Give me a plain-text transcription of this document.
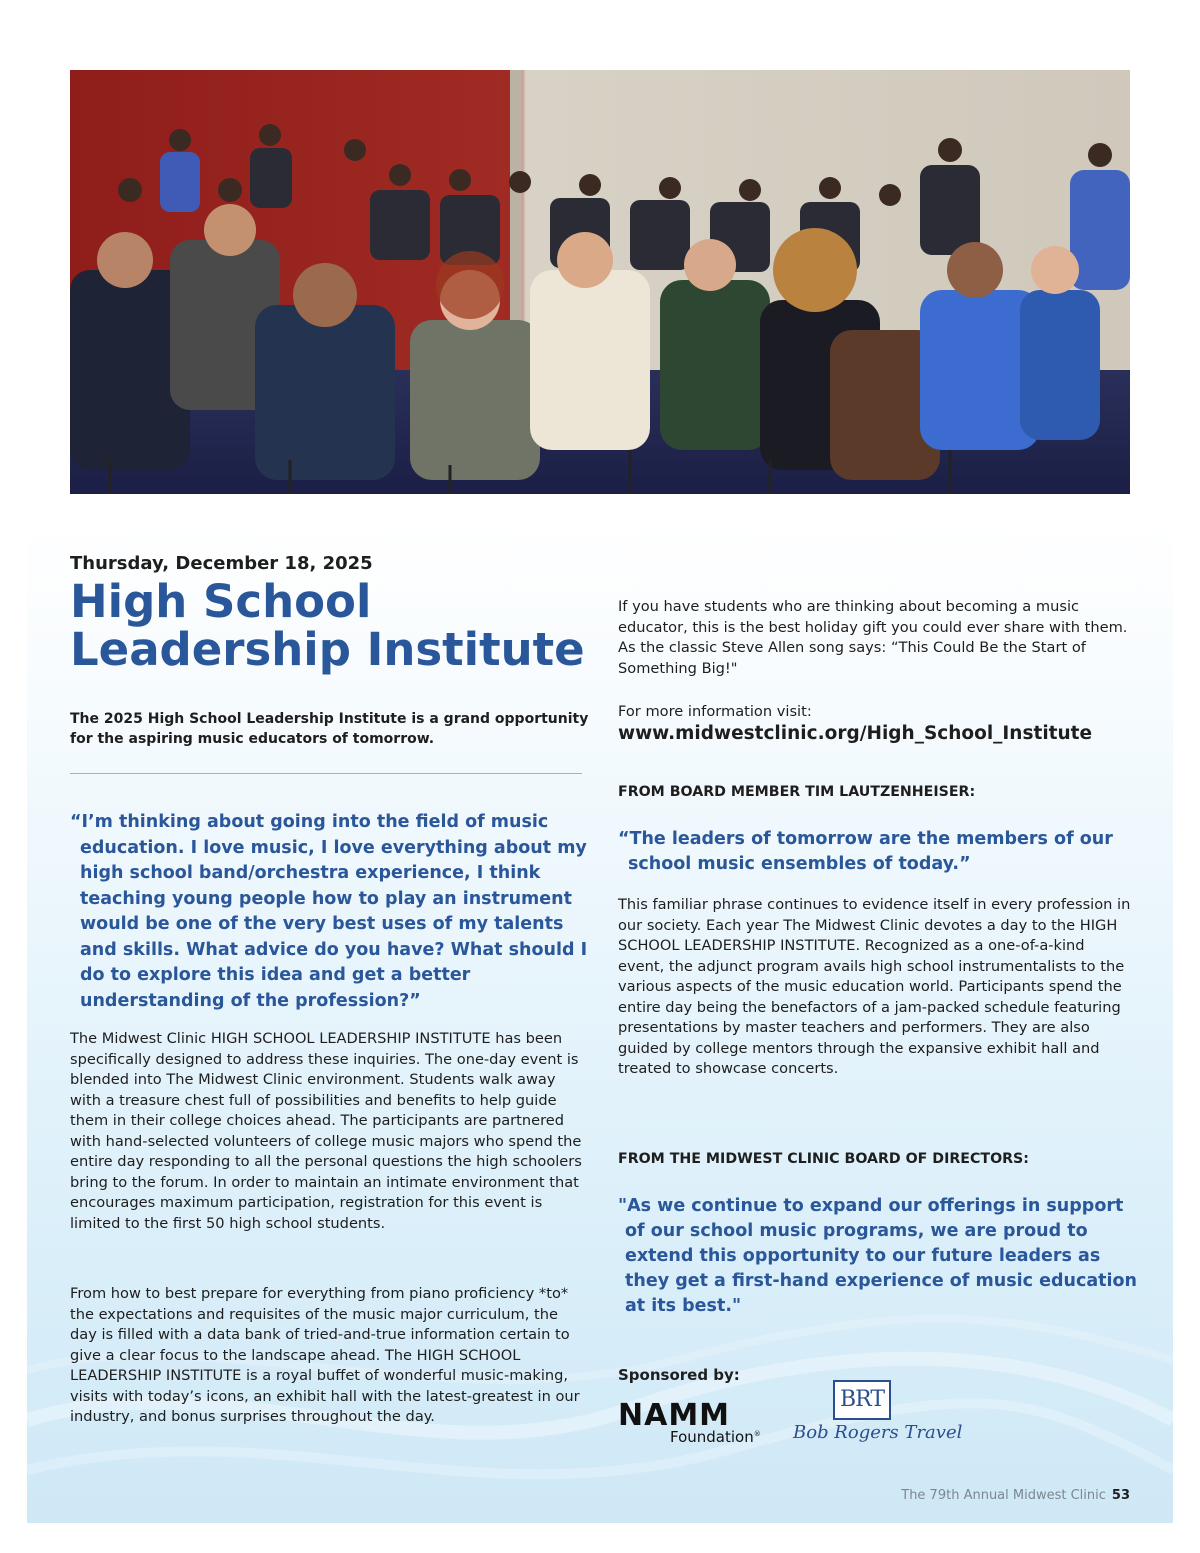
Thursday, December 18, 2025
High School
Leadership Institute
The 2025 High School Leadership Institute is a grand opportunity for the aspiring music educators of tomorrow.
“I’m thinking about going into the field of music education. I love music, I love everything about my high school band/orchestra experience, I think teaching young people how to play an instrument would be one of the very best uses of my talents and skills. What advice do you have? What should I do to explore this idea and get a better understanding of the profession?”

The Midwest Clinic HIGH SCHOOL LEADERSHIP INSTITUTE has been specifically designed to address these inquiries. The one-day event is blended into The Midwest Clinic environment. Students walk away with a treasure chest full of possibilities and benefits to help guide them in their college choices ahead. The participants are partnered with hand-selected volunteers of college music majors who spend the entire day responding to all the personal questions the high schoolers bring to the forum. In order to maintain an intimate environment that encourages maximum participation, registration for this event is limited to the first 50 high school students.

From how to best prepare for everything from piano proficiency *to* the expectations and requisites of the music major curriculum, the day is filled with a data bank of tried-and-true information certain to give a clear focus to the landscape ahead. The HIGH SCHOOL LEADERSHIP INSTITUTE is a royal buffet of wonderful music-making, visits with today’s icons, an exhibit hall with the latest-greatest in our industry, and bonus surprises throughout the day.

If you have students who are thinking about becoming a music educator, this is the best holiday gift you could ever share with them. As the classic Steve Allen song says: “This Could Be the Start of Something Big!"

For more information visit:
www.midwestclinic.org/High_School_Institute
FROM BOARD MEMBER TIM LAUTZENHEISER:
“The leaders of tomorrow are the members of our school music ensembles of today.”

This familiar phrase continues to evidence itself in every profession in our society. Each year The Midwest Clinic devotes a day to the HIGH SCHOOL LEADERSHIP INSTITUTE. Recognized as a one-of-a-kind event, the adjunct program avails high school instrumentalists to the various aspects of the music education world. Participants spend the entire day being the benefactors of a jam-packed schedule featuring presentations by master teachers and performers. They are also guided by college mentors through the expansive exhibit hall and treated to showcase concerts.

FROM THE MIDWEST CLINIC BOARD OF DIRECTORS:
"As we continue to expand our offerings in support of our school music programs, we are proud to extend this opportunity to our future leaders as they get a first-hand experience of music education at its best."
Sponsored by:
NAMM
Foundation®
BRT
Bob Rogers Travel
The 79th Annual Midwest Clinic 53
